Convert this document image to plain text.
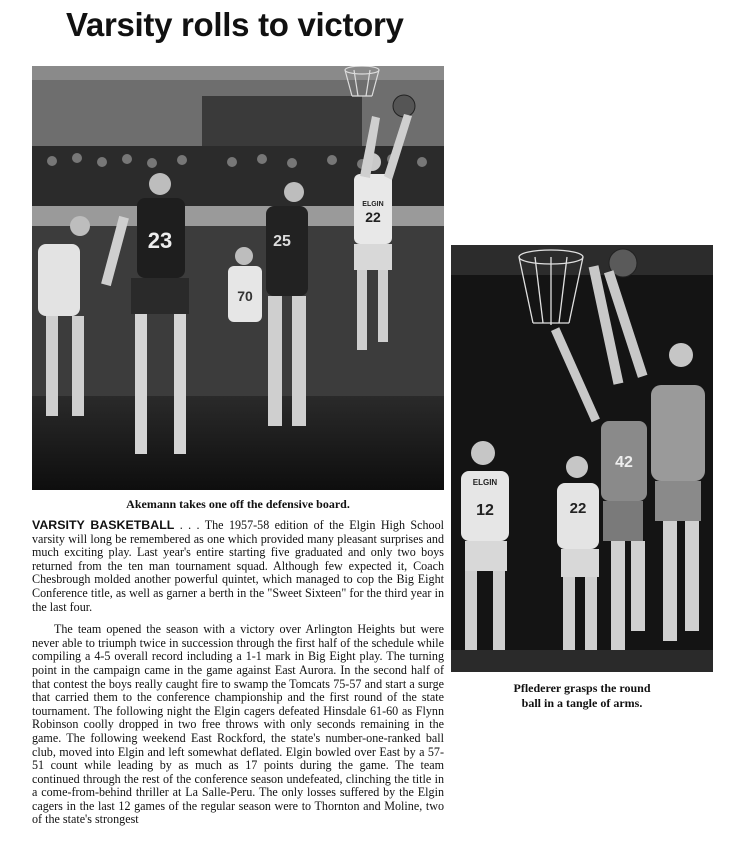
Varsity rolls to victory
ELGIN
22
23	25
70
Akemann takes one off the defensive board.
ELGIN
12	22
42
Pflederer grasps the round
ball in a tangle of arms.

VARSITY BASKETBALL . . . The 1957-58 edition of the Elgin High School varsity will long be remembered as one which provided many pleasant surprises and much exciting play. Last year's entire starting five graduated and only two boys returned from the ten man tournament squad. Although few expected it, Coach Chesbrough molded another powerful quintet, which managed to cop the Big Eight Conference title, as well as garner a berth in the "Sweet Sixteen" for the third year in the last four.

The team opened the season with a victory over Arlington Heights but were never able to triumph twice in succession through the first half of the schedule while compiling a 4-5 overall record including a 1-1 mark in Big Eight play. The turning point in the campaign came in the game against East Aurora. In the second half of that contest the boys really caught fire to swamp the Tomcats 75-57 and start a surge that carried them to the conference championship and the first round of the state tournament. The following night the Elgin cagers defeated Hinsdale 61-60 as Flynn Robinson coolly dropped in two free throws with only seconds remaining in the game. The following weekend East Rockford, the state's number-one-ranked ball club, moved into Elgin and left somewhat deflated. Elgin bowled over East by a 57-51 count while leading by as much as 17 points during the game. The team continued through the rest of the conference season undefeated, clinching the title in a come-from-behind thriller at La Salle-Peru. The only losses suffered by the Elgin cagers in the last 12 games of the regular season were to Thornton and Moline, two of the state's strongest
